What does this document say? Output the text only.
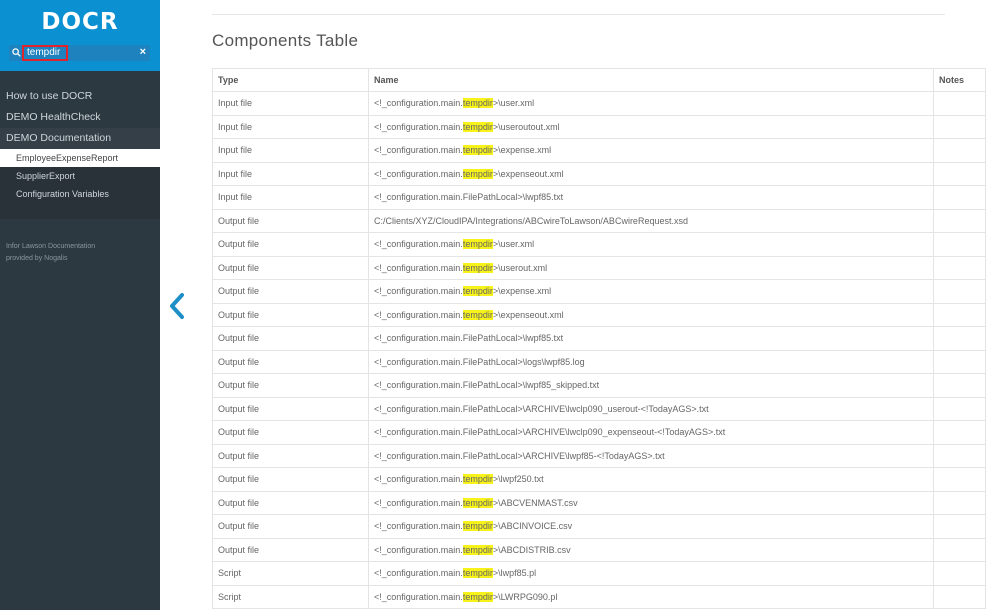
DOCR
tempdir	×
How to use DOCR
DEMO HealthCheck
DEMO Documentation
EmployeeExpenseReport
SupplierExport
Configuration Variables
Infor Lawson Documentation
provided by Nogalis
Components Table
Type	Name	Notes
Input file	<!_configuration.main.tempdir>\user.xml	
Input file	<!_configuration.main.tempdir>\useroutout.xml	
Input file	<!_configuration.main.tempdir>\expense.xml	
Input file	<!_configuration.main.tempdir>\expenseout.xml	
Input file	<!_configuration.main.FilePathLocal>\lwpf85.txt	
Output file	C:/Clients/XYZ/CloudIPA/Integrations/ABCwireToLawson/ABCwireRequest.xsd	
Output file	<!_configuration.main.tempdir>\user.xml	
Output file	<!_configuration.main.tempdir>\userout.xml	
Output file	<!_configuration.main.tempdir>\expense.xml	
Output file	<!_configuration.main.tempdir>\expenseout.xml	
Output file	<!_configuration.main.FilePathLocal>\lwpf85.txt	
Output file	<!_configuration.main.FilePathLocal>\logs\lwpf85.log	
Output file	<!_configuration.main.FilePathLocal>\lwpf85_skipped.txt	
Output file	<!_configuration.main.FilePathLocal>\ARCHIVE\lwclp090_userout-<!TodayAGS>.txt	
Output file	<!_configuration.main.FilePathLocal>\ARCHIVE\lwclp090_expenseout-<!TodayAGS>.txt	
Output file	<!_configuration.main.FilePathLocal>\ARCHIVE\lwpf85-<!TodayAGS>.txt	
Output file	<!_configuration.main.tempdir>\lwpf250.txt	
Output file	<!_configuration.main.tempdir>\ABCVENMAST.csv	
Output file	<!_configuration.main.tempdir>\ABCINVOICE.csv	
Output file	<!_configuration.main.tempdir>\ABCDISTRIB.csv	
Script	<!_configuration.main.tempdir>\lwpf85.pl	
Script	<!_configuration.main.tempdir>\LWRPG090.pl	
